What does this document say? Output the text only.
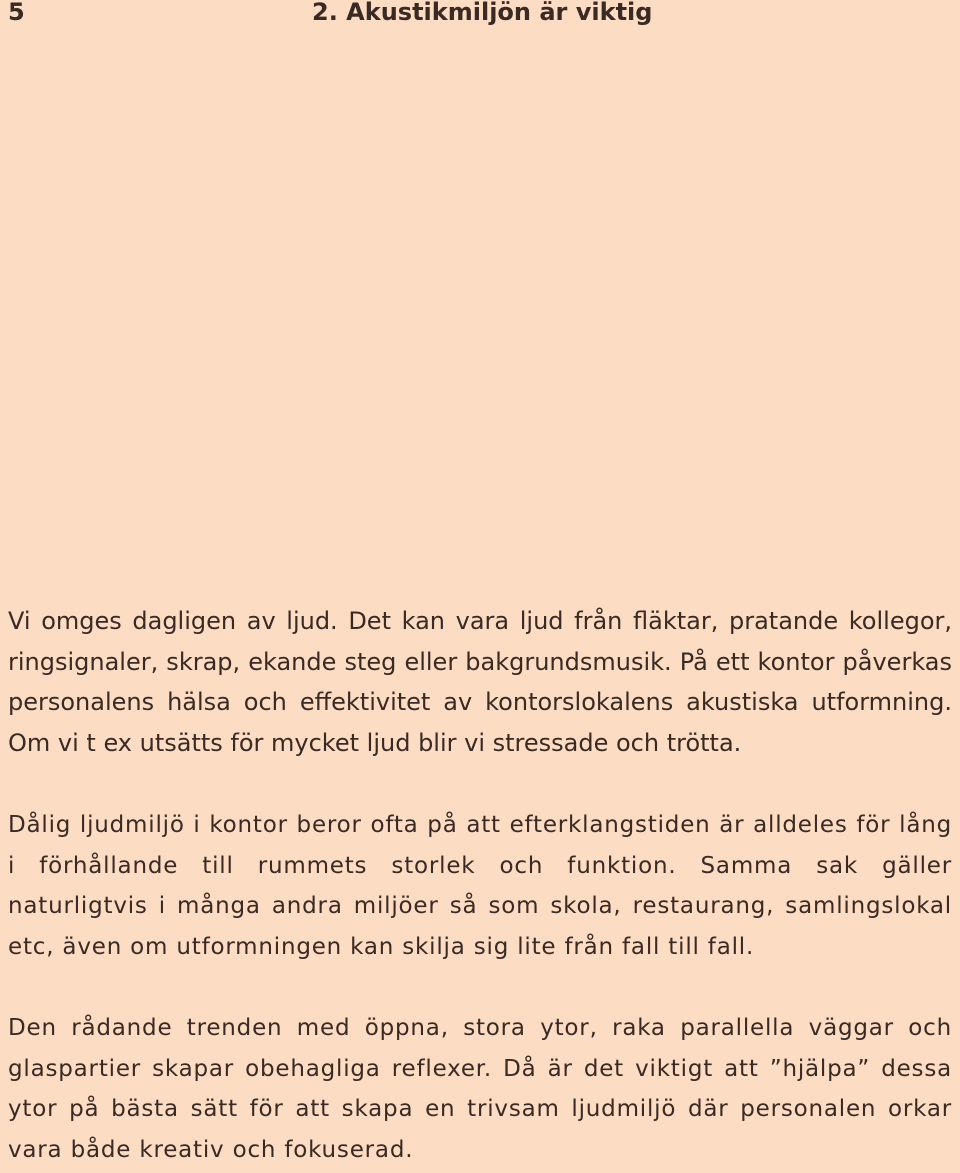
5	2. Akustikmiljön är viktig

Vi omges dagligen av ljud. Det kan vara ljud från fläktar, pratande kollegor, ringsignaler, skrap, ekande steg eller bakgrundsmusik. På ett kontor påverkas personalens hälsa och effektivitet av kontorslokalens akustiska utformning. Om vi t ex utsätts för mycket ljud blir vi stressade och trötta.

Dålig ljudmiljö i kontor beror ofta på att efterklangstiden är alldeles för lång i förhållande till rummets storlek och funktion. Samma sak gäller naturligtvis i många andra miljöer så som skola, restaurang, samlingslokal etc, även om utformningen kan skilja sig lite från fall till fall.

Den rådande trenden med öppna, stora ytor, raka parallella väggar och glaspartier skapar obehagliga reflexer. Då är det viktigt att ”hjälpa” dessa ytor på bästa sätt för att skapa en trivsam ljudmiljö där personalen orkar vara både kreativ och fokuserad.
